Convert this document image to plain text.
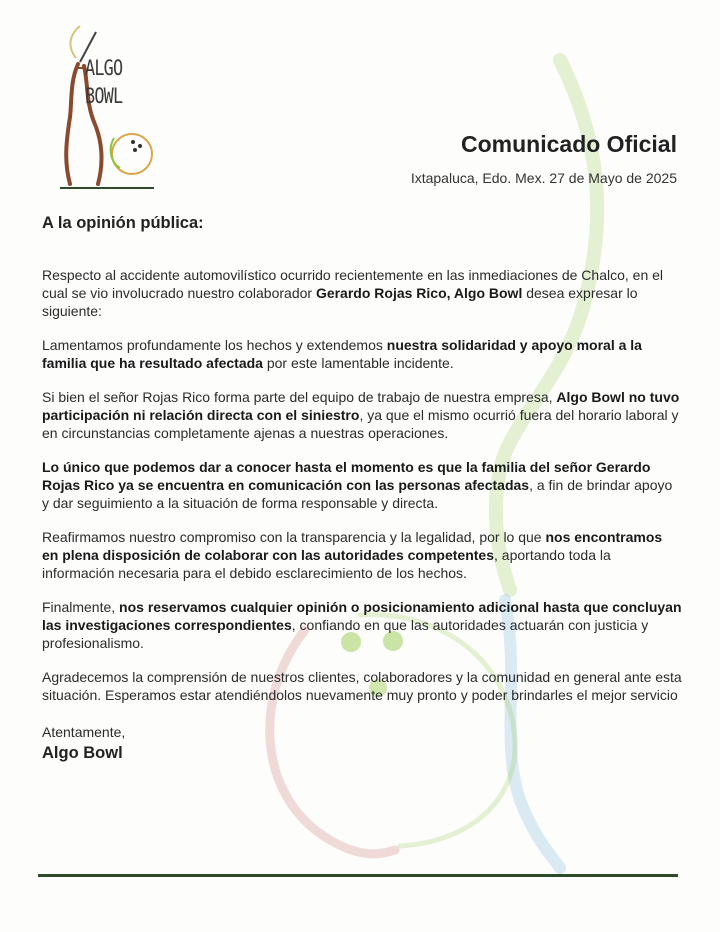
ALGO
BOWL
Comunicado Oficial
Ixtapaluca, Edo. Mex. 27 de Mayo de 2025
A la opinión pública:

Respecto al accidente automovilístico ocurrido recientemente en las inmediaciones de Chalco, en el cual se vio involucrado nuestro colaborador Gerardo Rojas Rico, Algo Bowl desea expresar lo siguiente:

Lamentamos profundamente los hechos y extendemos nuestra solidaridad y apoyo moral a la familia que ha resultado afectada por este lamentable incidente.

Si bien el señor Rojas Rico forma parte del equipo de trabajo de nuestra empresa, Algo Bowl no tuvo participación ni relación directa con el siniestro, ya que el mismo ocurrió fuera del horario laboral y en circunstancias completamente ajenas a nuestras operaciones.

Lo único que podemos dar a conocer hasta el momento es que la familia del señor Gerardo Rojas Rico ya se encuentra en comunicación con las personas afectadas, a fin de brindar apoyo y dar seguimiento a la situación de forma responsable y directa.

Reafirmamos nuestro compromiso con la transparencia y la legalidad, por lo que nos encontramos en plena disposición de colaborar con las autoridades competentes, aportando toda la información necesaria para el debido esclarecimiento de los hechos.

Finalmente, nos reservamos cualquier opinión o posicionamiento adicional hasta que concluyan las investigaciones correspondientes, confiando en que las autoridades actuarán con justicia y profesionalismo.

Agradecemos la comprensión de nuestros clientes, colaboradores y la comunidad en general ante esta situación. Esperamos estar atendiéndolos nuevamente muy pronto y poder brindarles el mejor servicio

Atentamente,
Algo Bowl
